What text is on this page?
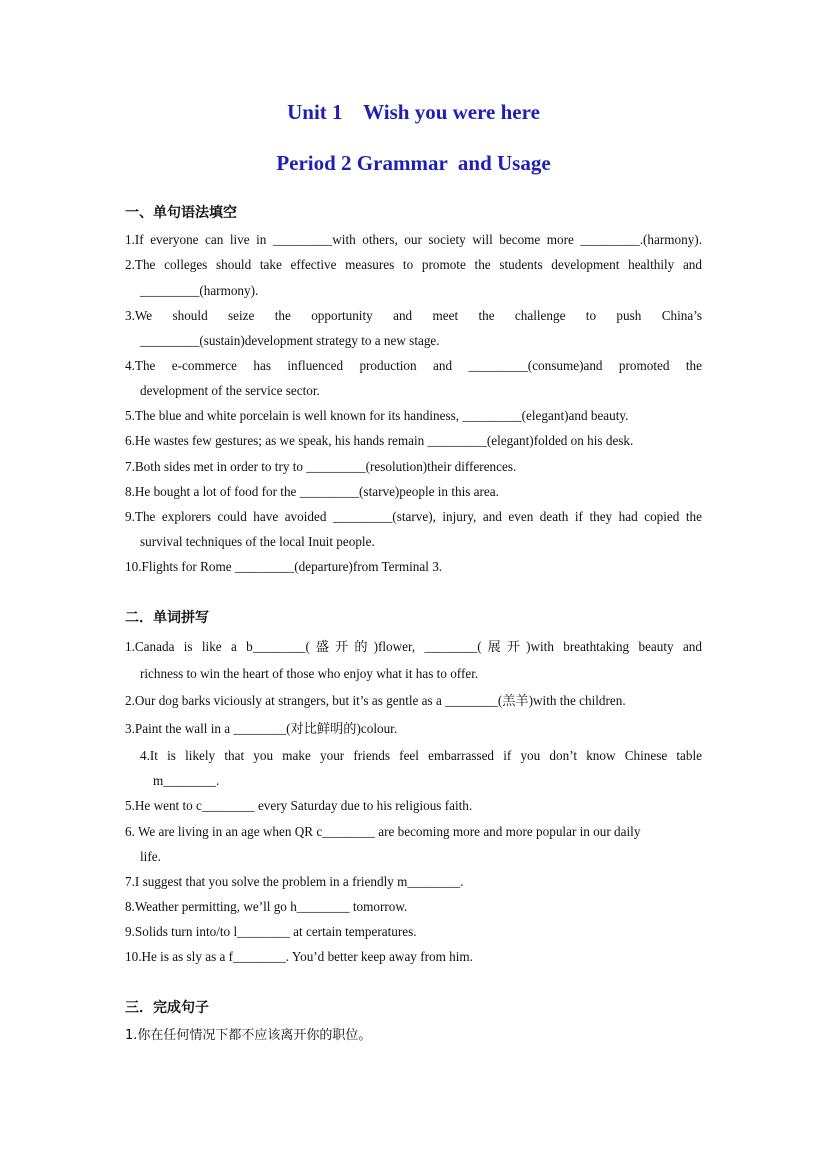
Unit 1    Wish you were here
Period 2 Grammar  and Usage
一、单句语法填空
1.If everyone can live in _________with others, our society will become more _________.(harmony).
2.The colleges should take effective measures to promote the students development healthily and
_________(harmony).
3.We should seize the opportunity and meet the challenge to push China’s
_________(sustain)development strategy to a new stage.
4.The e-commerce has influenced production and _________(consume)and promoted the
development of the service sector.
5.The blue and white porcelain is well known for its handiness, _________(elegant)and beauty.
6.He wastes few gestures; as we speak, his hands remain _________(elegant)folded on his desk.
7.Both sides met in order to try to _________(resolution)their differences.
8.He bought a lot of food for the _________(starve)people in this area.
9.The explorers could have avoided _________(starve), injury, and even death if they had copied the
survival techniques of the local Inuit people.
10.Flights for Rome _________(departure)from Terminal 3.
二．单词拼写
1.Canada is like a b________(盛开的)flower, ________(展开)with breathtaking beauty and
richness to win the heart of those who enjoy what it has to offer.
2.Our dog barks viciously at strangers, but it’s as gentle as a ________(羔羊)with the children.
3.Paint the wall in a ________(对比鲜明的)colour.
4.It is likely that you make your friends feel embarrassed if you don’t know Chinese table
m________.
5.He went to c________ every Saturday due to his religious faith.
6. We are living in an age when QR c________ are becoming more and more popular in our daily
life.
7.I suggest that you solve the problem in a friendly m________.
8.Weather permitting, we’ll go h________ tomorrow.
9.Solids turn into/to l________ at certain temperatures.
10.He is as sly as a f________. You’d better keep away from him.
三．完成句子
1.你在任何情况下都不应该离开你的职位。
